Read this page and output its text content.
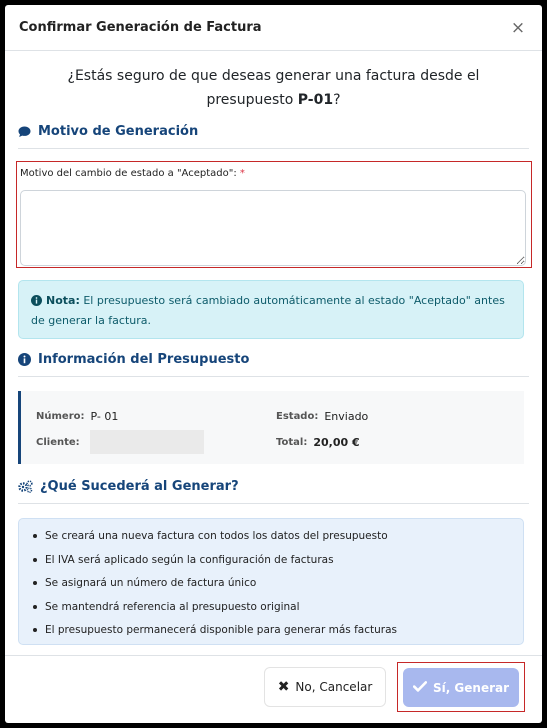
Confirmar Generación de Factura	×
¿Estás seguro de que deseas generar una factura desde el presupuesto P-01?
Motivo de Generación
Motivo del cambio de estado a "Aceptado": *
Nota: El presupuesto será cambiado automáticamente al estado "Aceptado" antes de generar la factura.
Información del Presupuesto
Número: P- 01	Estado: Enviado
Cliente:	Total: 20,00 €
¿Qué Sucederá al Generar?
Se creará una nueva factura con todos los datos del presupuesto
El IVA será aplicado según la configuración de facturas
Se asignará un número de factura único
Se mantendrá referencia al presupuesto original
El presupuesto permanecerá disponible para generar más facturas
✖ No, Cancelar	Sí, Generar
